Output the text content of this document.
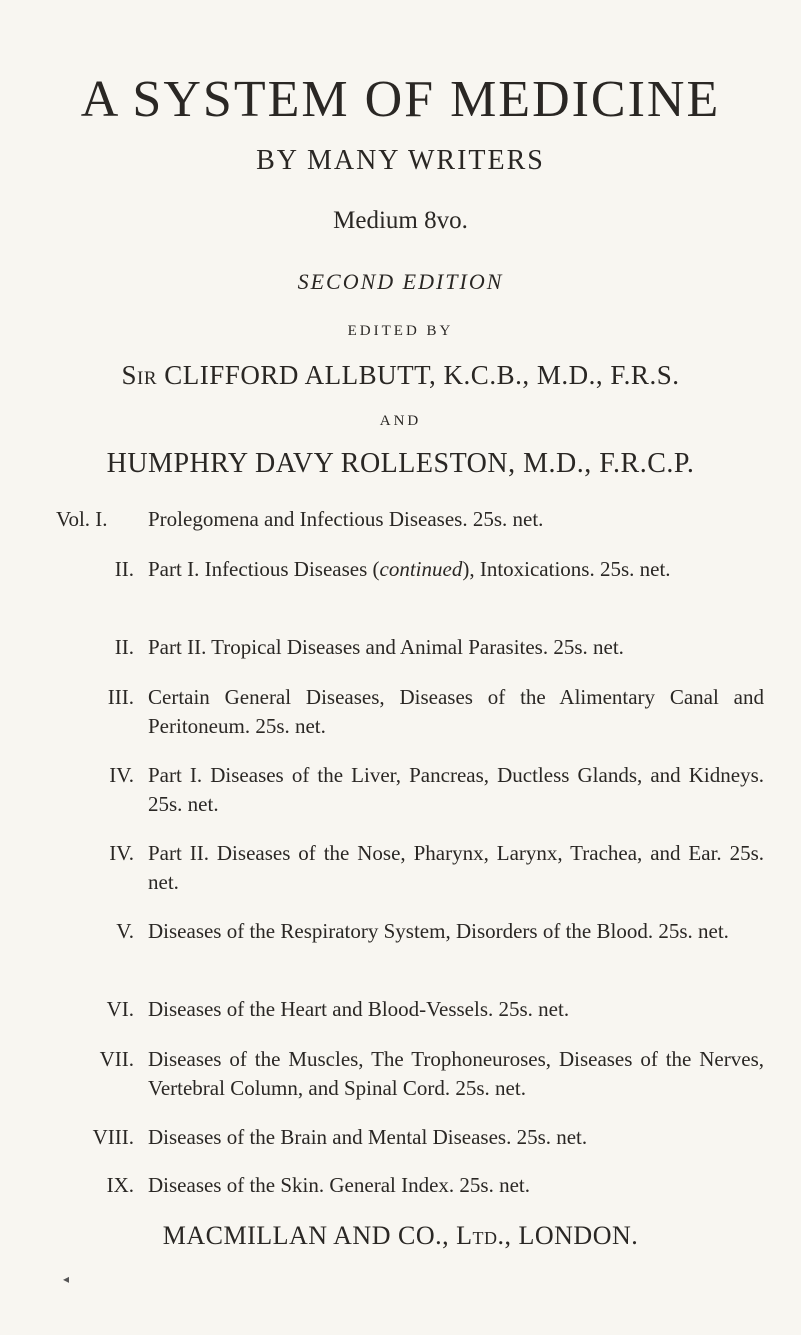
A SYSTEM OF MEDICINE
BY MANY WRITERS
Medium 8vo.
SECOND EDITION
EDITED BY
Sir CLIFFORD ALLBUTT, K.C.B., M.D., F.R.S.
AND
HUMPHRY DAVY ROLLESTON, M.D., F.R.C.P.
Vol. I.	Prolegomena and Infectious Diseases. 25s. net.
II. Part I. Infectious Diseases (continued), Intoxications. 25s. net.
II. Part II. Tropical Diseases and Animal Parasites. 25s. net.
III. Certain General Diseases, Diseases of the Alimentary Canal and Peritoneum. 25s. net.
IV. Part I. Diseases of the Liver, Pancreas, Ductless Glands, and Kidneys. 25s. net.
IV. Part II. Diseases of the Nose, Pharynx, Larynx, Trachea, and Ear. 25s. net.
V. Diseases of the Respiratory System, Disorders of the Blood. 25s. net.
VI. Diseases of the Heart and Blood-Vessels. 25s. net.
VII. Diseases of the Muscles, The Trophoneuroses, Diseases of the Nerves, Vertebral Column, and Spinal Cord. 25s. net.
VIII. Diseases of the Brain and Mental Diseases. 25s. net.
IX. Diseases of the Skin. General Index. 25s. net.
MACMILLAN AND CO., Ltd., LONDON.
◂
